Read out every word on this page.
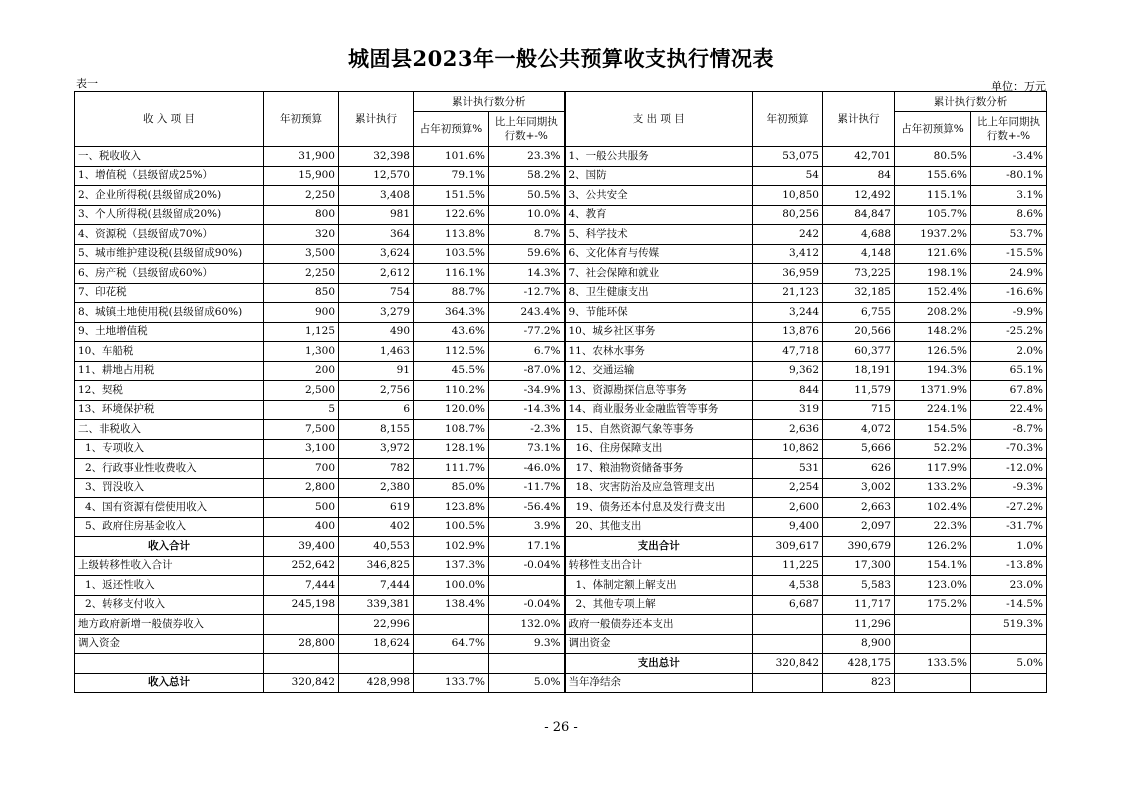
城固县2023年一般公共预算收支执行情况表
表一	单位：万元
收 入 项 目	年初预算	累计执行	累计执行数分析		支 出 项 目	年初预算	累计执行	累计执行数分析	
			占年初预算%	比上年同期执行数+-%				占年初预算%	比上年同期执行数+-%
一、税收收入	31,900	32,398	101.6%	23.3%	1、一般公共服务	53,075	42,701	80.5%	-3.4%
1、增值税（县级留成25%）	15,900	12,570	79.1%	58.2%	2、国防	54	84	155.6%	-80.1%
2、企业所得税(县级留成20%)	2,250	3,408	151.5%	50.5%	3、公共安全	10,850	12,492	115.1%	3.1%
3、个人所得税(县级留成20%)	800	981	122.6%	10.0%	4、教育	80,256	84,847	105.7%	8.6%
4、资源税（县级留成70%）	320	364	113.8%	8.7%	5、科学技术	242	4,688	1937.2%	53.7%
5、城市维护建设税(县级留成90%)	3,500	3,624	103.5%	59.6%	6、文化体育与传媒	3,412	4,148	121.6%	-15.5%
6、房产税（县级留成60%）	2,250	2,612	116.1%	14.3%	7、社会保障和就业	36,959	73,225	198.1%	24.9%
7、印花税	850	754	88.7%	-12.7%	8、卫生健康支出	21,123	32,185	152.4%	-16.6%
8、城镇土地使用税(县级留成60%)	900	3,279	364.3%	243.4%	9、节能环保	3,244	6,755	208.2%	-9.9%
9、土地增值税	1,125	490	43.6%	-77.2%	10、城乡社区事务	13,876	20,566	148.2%	-25.2%
10、车船税	1,300	1,463	112.5%	6.7%	11、农林水事务	47,718	60,377	126.5%	2.0%
11、耕地占用税	200	91	45.5%	-87.0%	12、交通运输	9,362	18,191	194.3%	65.1%
12、契税	2,500	2,756	110.2%	-34.9%	13、资源勘探信息等事务	844	11,579	1371.9%	67.8%
13、环境保护税	5	6	120.0%	-14.3%	14、商业服务业金融监管等事务	319	715	224.1%	22.4%
二、非税收入	7,500	8,155	108.7%	-2.3%	15、自然资源气象等事务	2,636	4,072	154.5%	-8.7%
1、专项收入	3,100	3,972	128.1%	73.1%	16、住房保障支出	10,862	5,666	52.2%	-70.3%
2、行政事业性收费收入	700	782	111.7%	-46.0%	17、粮油物资储备事务	531	626	117.9%	-12.0%
3、罚没收入	2,800	2,380	85.0%	-11.7%	18、灾害防治及应急管理支出	2,254	3,002	133.2%	-9.3%
4、国有资源有偿使用收入	500	619	123.8%	-56.4%	19、债务还本付息及发行费支出	2,600	2,663	102.4%	-27.2%
5、政府住房基金收入	400	402	100.5%	3.9%	20、其他支出	9,400	2,097	22.3%	-31.7%
收入合计	39,400	40,553	102.9%	17.1%	支出合计	309,617	390,679	126.2%	1.0%
上级转移性收入合计	252,642	346,825	137.3%	-0.04%	转移性支出合计	11,225	17,300	154.1%	-13.8%
1、返还性收入	7,444	7,444	100.0%		1、体制定额上解支出	4,538	5,583	123.0%	23.0%
2、转移支付收入	245,198	339,381	138.4%	-0.04%	2、其他专项上解	6,687	11,717	175.2%	-14.5%
地方政府新增一般债券收入		22,996		132.0%	政府一般债券还本支出		11,296		519.3%
调入资金	28,800	18,624	64.7%	9.3%	调出资金		8,900		
					支出总计	320,842	428,175	133.5%	5.0%
收入总计	320,842	428,998	133.7%	5.0%	当年净结余		823		
- 26 -
